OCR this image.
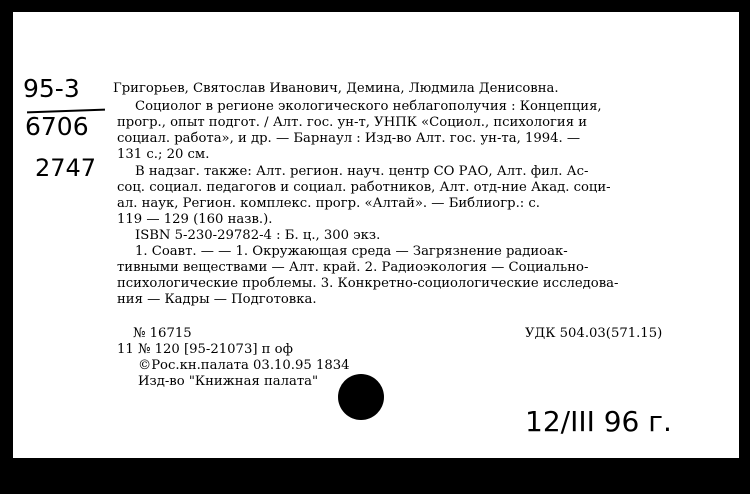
95-3
6706
2747
Григорьев, Святослав Иванович, Демина, Людмила Денисовна.
Социолог в регионе экологического неблагополучия : Концепция,
прогр., опыт подгот. / Алт. гос. ун-т, УНПК «Социол., психология и
социал. работа», и др. — Барнаул : Изд-во Алт. гос. ун-та, 1994. —
131 с.; 20 см.
В надзаг. также: Алт. регион. науч. центр СО РАО, Алт. фил. Ас-
соц. социал. педагогов и социал. работников, Алт. отд-ние Акад. соци-
ал. наук, Регион. комплекс. прогр. «Алтай». — Библиогр.: с.
119 — 129 (160 назв.).
ISBN 5-230-29782-4 : Б. ц., 300 экз.
1. Соавт. — — 1. Окружающая среда — Загрязнение радиоак-
тивными веществами — Алт. край. 2. Радиоэкология — Социально-
психологические проблемы. 3. Конкретно-социологические исследова-
ния — Кадры — Подготовка.
№ 16715	УДК 504.03(571.15)
11 № 120 [95-21073] п оф
©Рос.кн.палата 03.10.95 1834
Изд-во "Книжная палата"
12/III 96 г.
